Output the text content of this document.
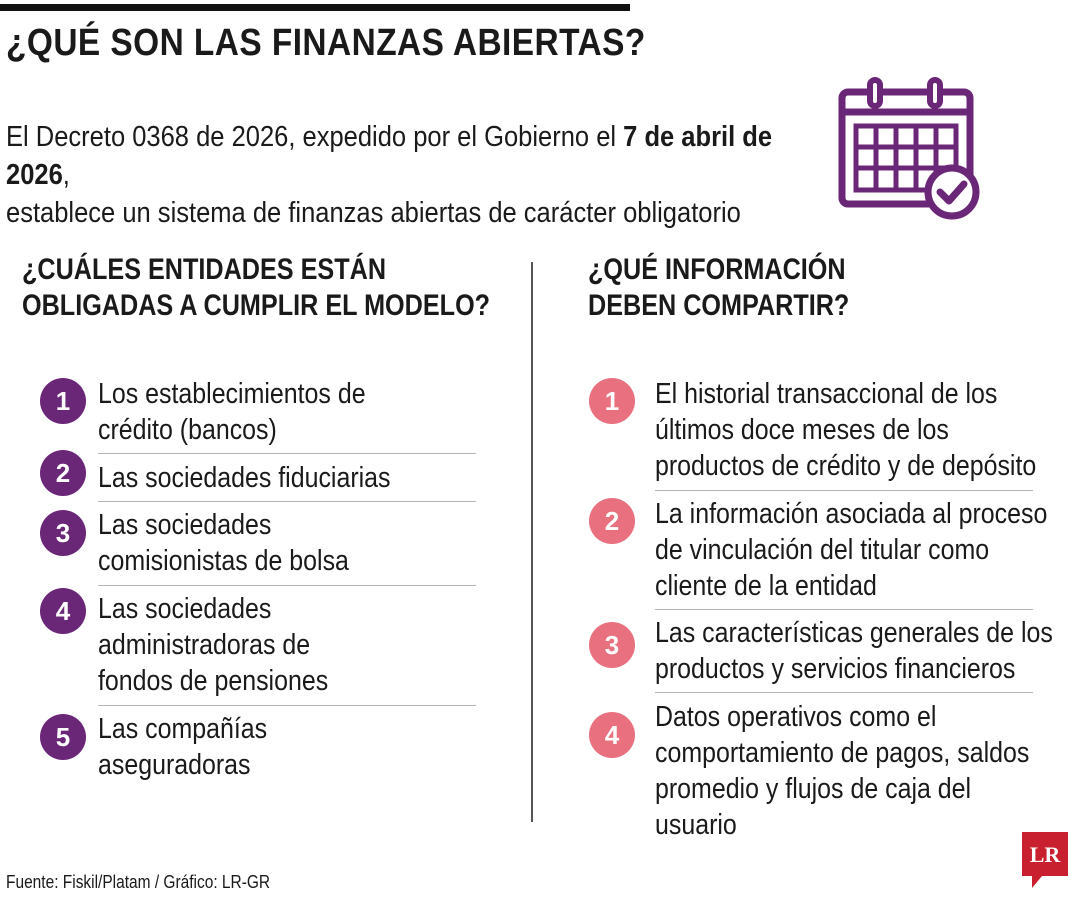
¿QUÉ SON LAS FINANZAS ABIERTAS?
El Decreto 0368 de 2026, expedido por el Gobierno el 7 de abril de 2026,
establece un sistema de finanzas abiertas de carácter obligatorio
¿CUÁLES ENTIDADES ESTÁN
OBLIGADAS A CUMPLIR EL MODELO?
¿QUÉ INFORMACIÓN
DEBEN COMPARTIR?
1 Los establecimientos de
crédito (bancos)
2 Las sociedades fiduciarias
3 Las sociedades
comisionistas de bolsa
4 Las sociedades
administradoras de
fondos de pensiones
5 Las compañías
aseguradoras
1	El historial transaccional de los
últimos doce meses de los
productos de crédito y de depósito
2	La información asociada al proceso
de vinculación del titular como
cliente de la entidad
3	Las características generales de los
productos y servicios financieros
4
Datos operativos como el
comportamiento de pagos, saldos
promedio y flujos de caja del
usuario
Fuente: Fiskil/Platam / Gráfico: LR-GR
LR
